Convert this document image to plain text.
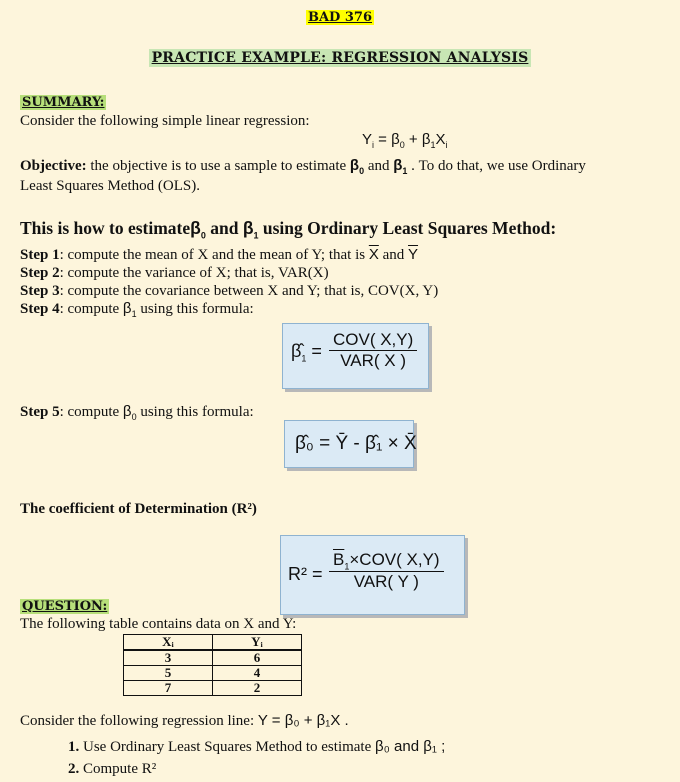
BAD 376
PRACTICE EXAMPLE: REGRESSION ANALYSIS
SUMMARY:
Consider the following simple linear regression:
$Y_i = \beta_0 + \beta_1X_i$
Objective: the objective is to use a sample to estimate $\beta_0$ and $\beta_1$ . To do that, we use Ordinary
Least Squares Method (OLS).
This is how to estimateβ$_0$ and $\beta_1$ using Ordinary Least Squares Method:
Step 1: compute the mean of X and the mean of Y; that is $\overline{X}$ and $\overline{Y}$
Step 2: compute the variance of X; that is, VAR(X)
Step 3: compute the covariance between X and Y; that is, COV(X, Y)
Step 4: compute $\beta_1$ using this formula:
$\betâ_1$ =
COV( X,Y)
VAR( X )
Step 5: compute $\beta_0$ using this formula:
β̂₀ = Ȳ - β̂₁ × X̄
The coefficient of Determination (R²)
R² =
$\overline{B}_1\times COV$( X,Y)
VAR( Y )
QUESTION:
The following table contains data on X and Y:
Xᵢ	Yᵢ
3	6
5	4
7	2
Consider the following regression line: Y = β₀ + β₁X .
1. Use Ordinary Least Squares Method to estimate β₀ and β₁ ;
2. Compute R²
